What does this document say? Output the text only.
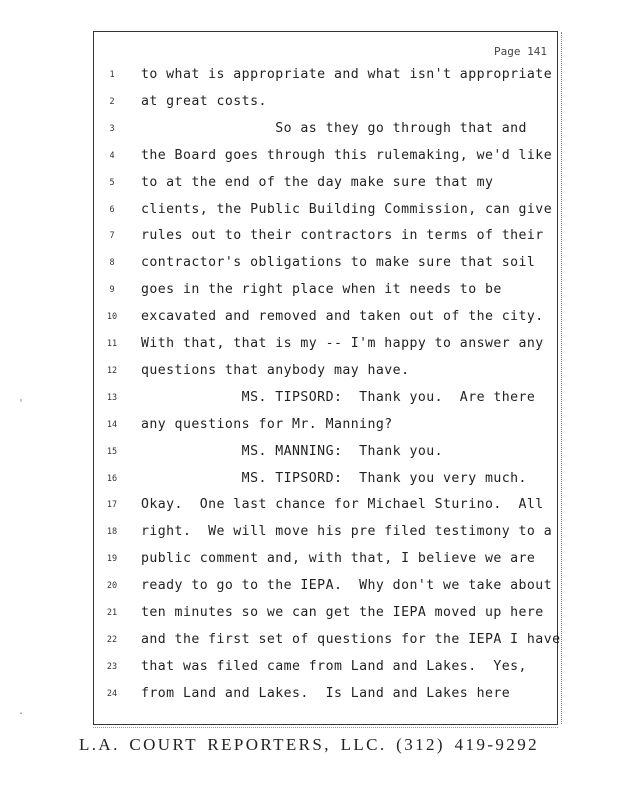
Page 141
1	to what is appropriate and what isn't appropriate
2	at great costs.
3	So as they go through that and
4	the Board goes through this rulemaking, we'd like
5	to at the end of the day make sure that my
6	clients, the Public Building Commission, can give
7	rules out to their contractors in terms of their
8	contractor's obligations to make sure that soil
9	goes in the right place when it needs to be
10	excavated and removed and taken out of the city.
11	With that, that is my -- I'm happy to answer any
12	questions that anybody may have.
13	MS. TIPSORD:  Thank you.  Are there
14	any questions for Mr. Manning?
15	MS. MANNING:  Thank you.
16	MS. TIPSORD:  Thank you very much.
17	Okay.  One last chance for Michael Sturino.  All
18	right.  We will move his pre filed testimony to a
19	public comment and, with that, I believe we are
20	ready to go to the IEPA.  Why don't we take about
21	ten minutes so we can get the IEPA moved up here
22	and the first set of questions for the IEPA I have
23	that was filed came from Land and Lakes.  Yes,
24	from Land and Lakes.  Is Land and Lakes here
'
.
L.A. COURT REPORTERS, LLC. (312) 419-9292
